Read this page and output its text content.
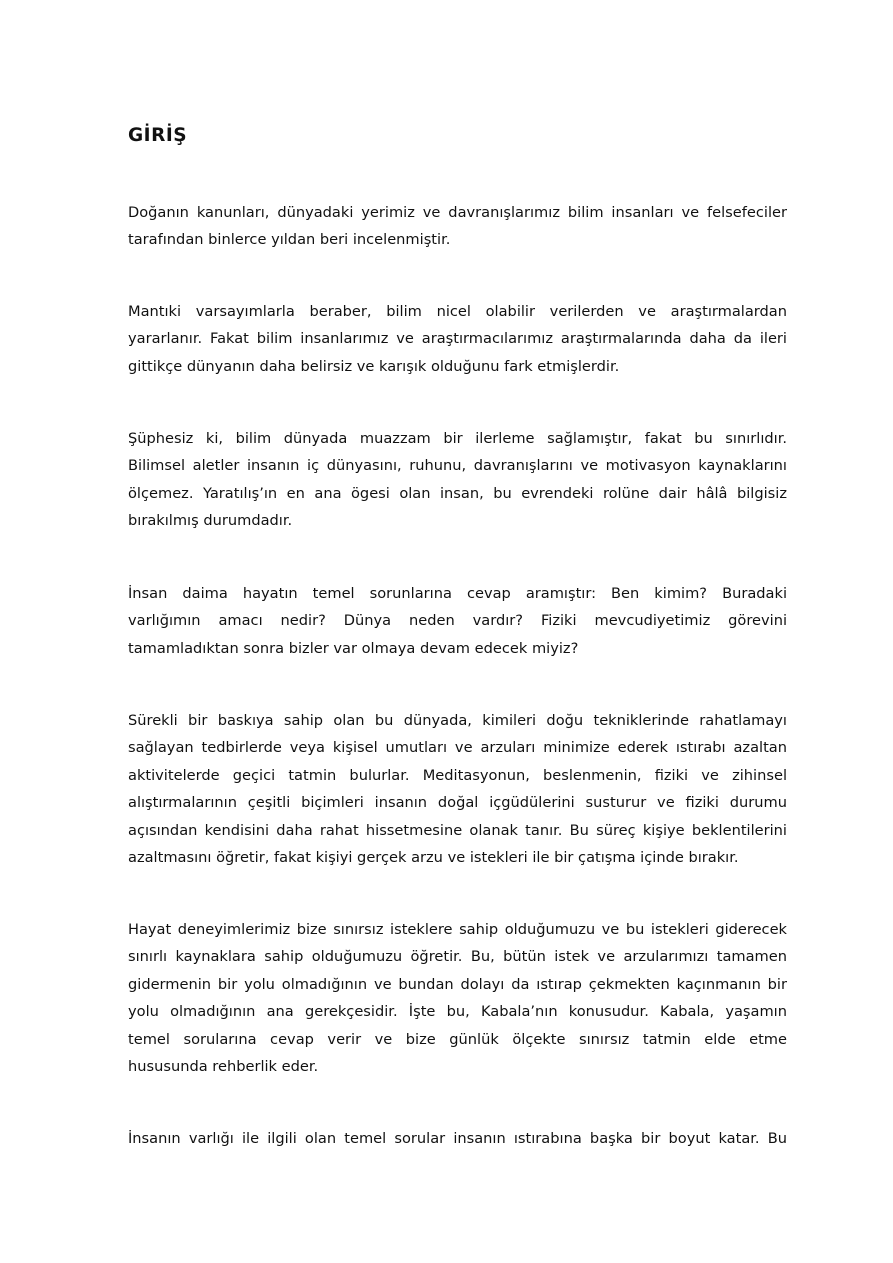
GİRİŞ
Doğanın kanunları, dünyadaki yerimiz ve davranışlarımız bilim insanları ve felsefeciler
tarafından binlerce yıldan beri incelenmiştir.
Mantıki varsayımlarla beraber, bilim nicel olabilir verilerden ve araştırmalardan
yararlanır. Fakat bilim insanlarımız ve araştırmacılarımız araştırmalarında daha da ileri
gittikçe dünyanın daha belirsiz ve karışık olduğunu fark etmişlerdir.
Şüphesiz ki, bilim dünyada muazzam bir ilerleme sağlamıştır, fakat bu sınırlıdır.
Bilimsel aletler insanın iç dünyasını, ruhunu, davranışlarını ve motivasyon kaynaklarını
ölçemez. Yaratılış’ın en ana ögesi olan insan, bu evrendeki rolüne dair hâlâ bilgisiz
bırakılmış durumdadır.
İnsan daima hayatın temel sorunlarına cevap aramıştır: Ben kimim? Buradaki
varlığımın amacı nedir? Dünya neden vardır? Fiziki mevcudiyetimiz görevini
tamamladıktan sonra bizler var olmaya devam edecek miyiz?
Sürekli bir baskıya sahip olan bu dünyada, kimileri doğu tekniklerinde rahatlamayı
sağlayan tedbirlerde veya kişisel umutları ve arzuları minimize ederek ıstırabı azaltan
aktivitelerde geçici tatmin bulurlar. Meditasyonun, beslenmenin, fiziki ve zihinsel
alıştırmalarının çeşitli biçimleri insanın doğal içgüdülerini susturur ve fiziki durumu
açısından kendisini daha rahat hissetmesine olanak tanır. Bu süreç kişiye beklentilerini
azaltmasını öğretir, fakat kişiyi gerçek arzu ve istekleri ile bir çatışma içinde bırakır.
Hayat deneyimlerimiz bize sınırsız isteklere sahip olduğumuzu ve bu istekleri giderecek
sınırlı kaynaklara sahip olduğumuzu öğretir. Bu, bütün istek ve arzularımızı tamamen
gidermenin bir yolu olmadığının ve bundan dolayı da ıstırap çekmekten kaçınmanın bir
yolu olmadığının ana gerekçesidir. İşte bu, Kabala’nın konusudur. Kabala, yaşamın
temel sorularına cevap verir ve bize günlük ölçekte sınırsız tatmin elde etme
hususunda rehberlik eder.
İnsanın varlığı ile ilgili olan temel sorular insanın ıstırabına başka bir boyut katar. Bu
